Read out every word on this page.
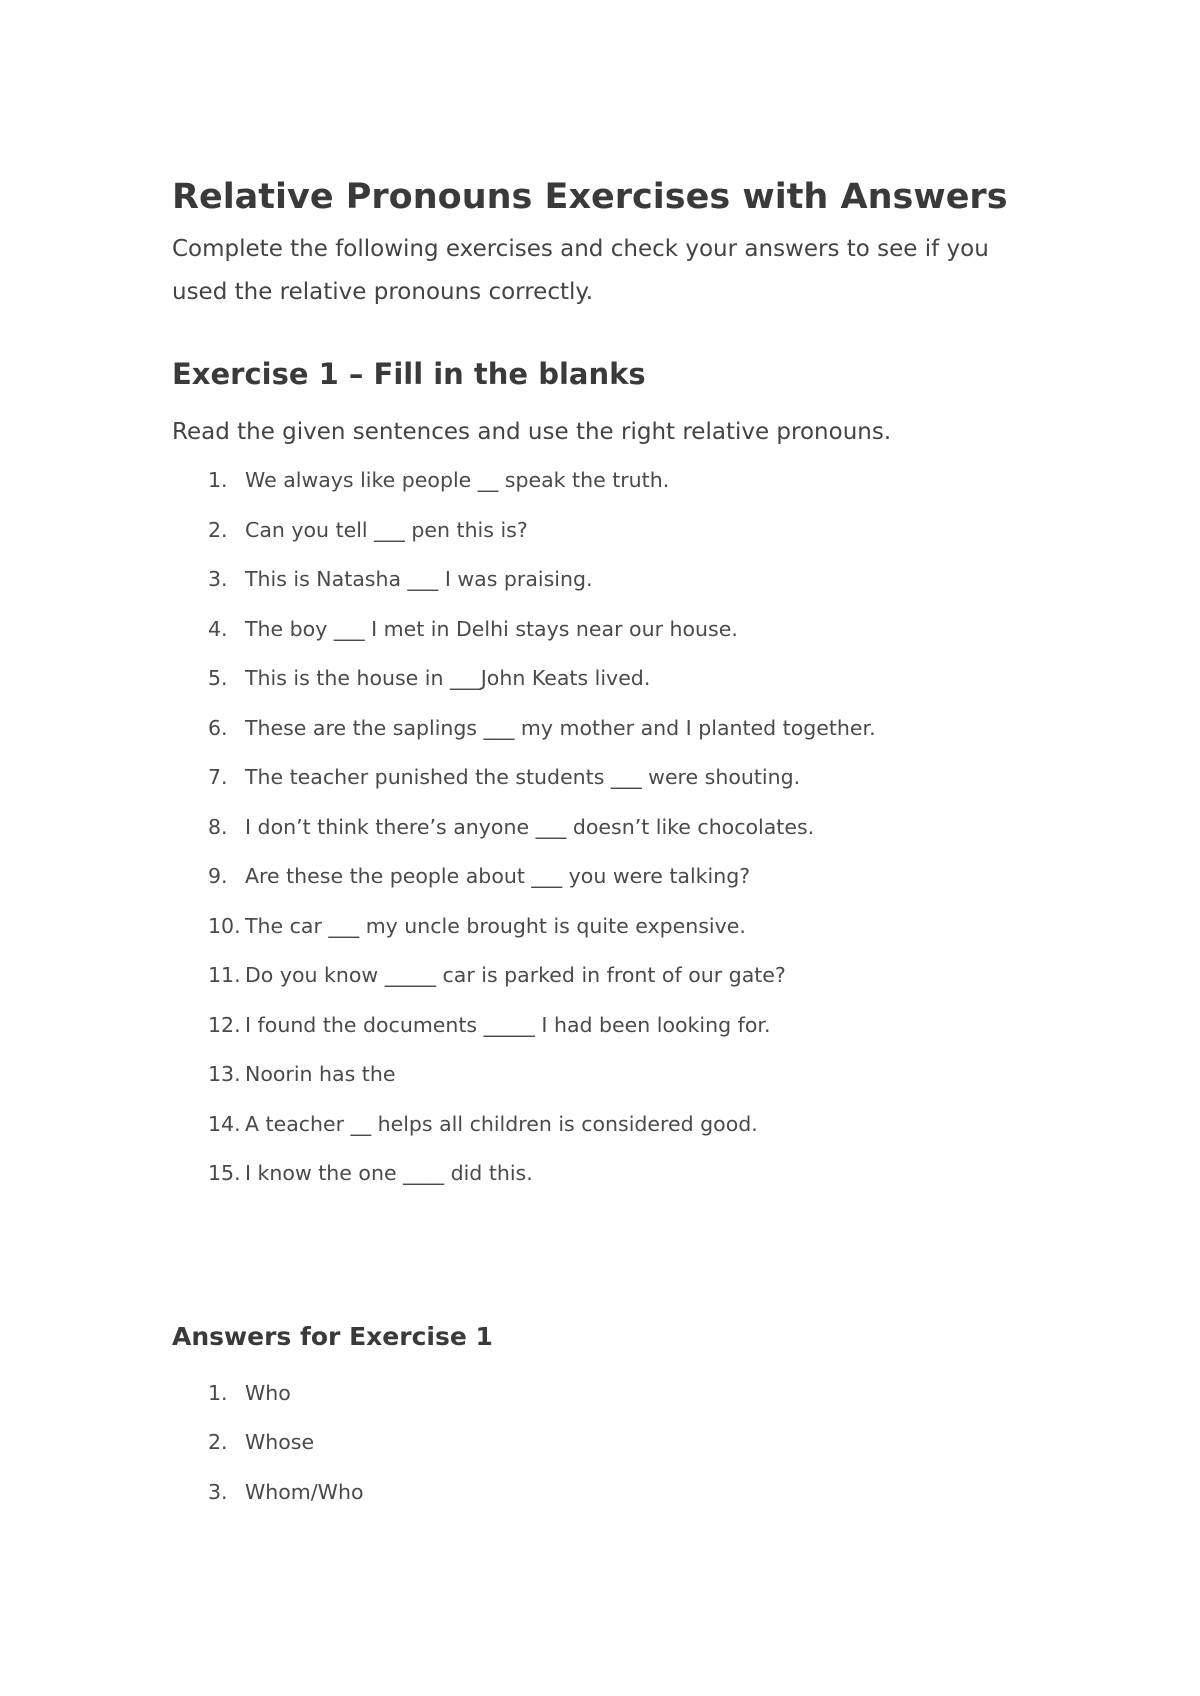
Relative Pronouns Exercises with Answers

Complete the following exercises and check your answers to see if you used the relative pronouns correctly.

Exercise 1 – Fill in the blanks

Read the given sentences and use the right relative pronouns.

1. We always like people __ speak the truth.
2. Can you tell ___ pen this is?
3. This is Natasha ___ I was praising.
4. The boy ___ I met in Delhi stays near our house.
5. This is the house in ___John Keats lived.
6. These are the saplings ___ my mother and I planted together.
7. The teacher punished the students ___ were shouting.
8. I don’t think there’s anyone ___ doesn’t like chocolates.
9. Are these the people about ___ you were talking?
10. The car ___ my uncle brought is quite expensive.
11. Do you know _____ car is parked in front of our gate?
12. I found the documents _____ I had been looking for.
13. Noorin has the
14. A teacher __ helps all children is considered good.
15. I know the one ____ did this.
Answers for Exercise 1
1. Who
2. Whose
3. Whom/Who
